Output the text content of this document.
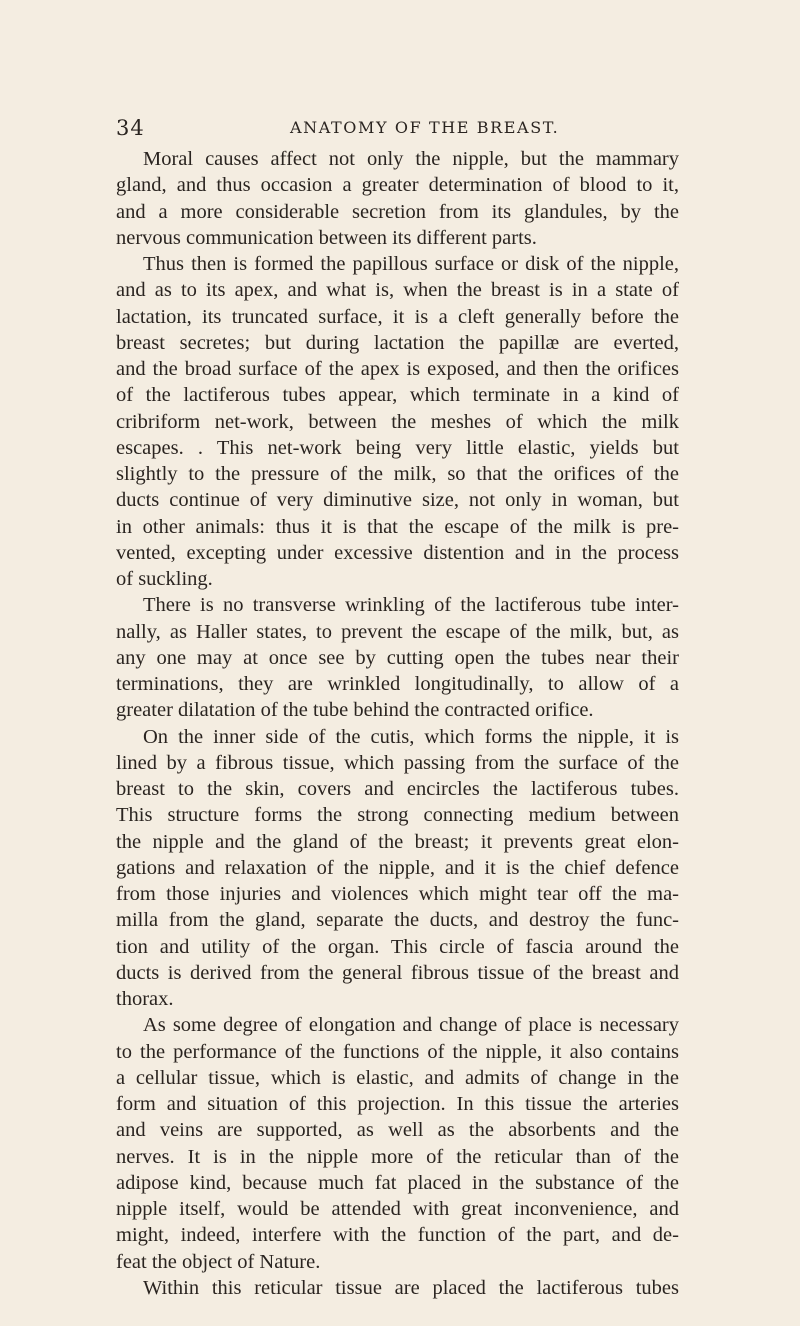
34	ANATOMY OF THE BREAST.
Moral causes affect not only the nipple, but the mammary
gland, and thus occasion a greater determination of blood to it,
and a more considerable secretion from its glandules, by the
nervous communication between its different parts.
Thus then is formed the papillous surface or disk of the nipple,
and as to its apex, and what is, when the breast is in a state of
lactation, its truncated surface, it is a cleft generally before the
breast secretes; but during lactation the papillæ are everted,
and the broad surface of the apex is exposed, and then the orifices
of the lactiferous tubes appear, which terminate in a kind of
cribriform net-work, between the meshes of which the milk
escapes. . This net-work being very little elastic, yields but
slightly to the pressure of the milk, so that the orifices of the
ducts continue of very diminutive size, not only in woman, but
in other animals: thus it is that the escape of the milk is pre-
vented, excepting under excessive distention and in the process
of suckling.
There is no transverse wrinkling of the lactiferous tube inter-
nally, as Haller states, to prevent the escape of the milk, but, as
any one may at once see by cutting open the tubes near their
terminations, they are wrinkled longitudinally, to allow of a
greater dilatation of the tube behind the contracted orifice.
On the inner side of the cutis, which forms the nipple, it is
lined by a fibrous tissue, which passing from the surface of the
breast to the skin, covers and encircles the lactiferous tubes.
This structure forms the strong connecting medium between
the nipple and the gland of the breast; it prevents great elon-
gations and relaxation of the nipple, and it is the chief defence
from those injuries and violences which might tear off the ma-
milla from the gland, separate the ducts, and destroy the func-
tion and utility of the organ. This circle of fascia around the
ducts is derived from the general fibrous tissue of the breast and
thorax.
As some degree of elongation and change of place is necessary
to the performance of the functions of the nipple, it also contains
a cellular tissue, which is elastic, and admits of change in the
form and situation of this projection. In this tissue the arteries
and veins are supported, as well as the absorbents and the
nerves. It is in the nipple more of the reticular than of the
adipose kind, because much fat placed in the substance of the
nipple itself, would be attended with great inconvenience, and
might, indeed, interfere with the function of the part, and de-
feat the object of Nature.
Within this reticular tissue are placed the lactiferous tubes
